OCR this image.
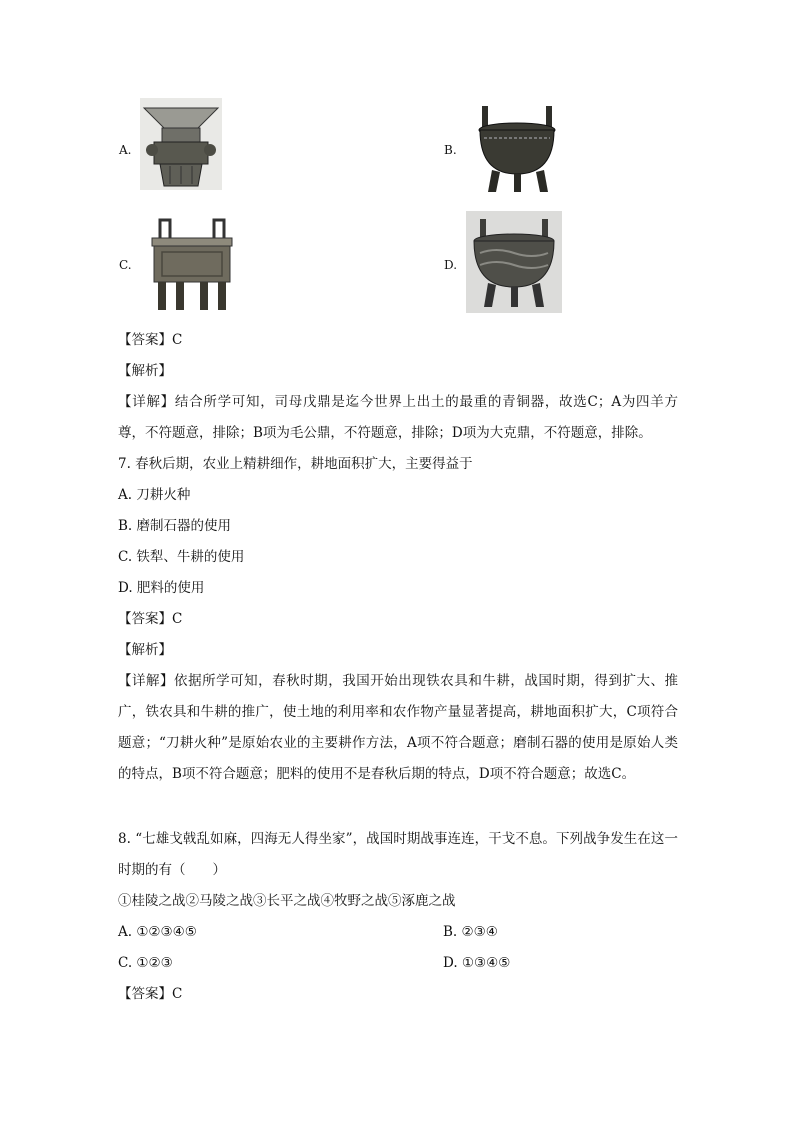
A.	B.
C.	D.
【答案】C
【解析】
【详解】结合所学可知，司母戊鼎是迄今世界上出土的最重的青铜器，故选C；A为四羊方尊，不符题意，排除；B项为毛公鼎，不符题意，排除；D项为大克鼎，不符题意，排除。
7. 春秋后期，农业上精耕细作，耕地面积扩大，主要得益于
A. 刀耕火种
B. 磨制石器的使用
C. 铁犁、牛耕的使用
D. 肥料的使用
【答案】C
【解析】
【详解】依据所学可知，春秋时期，我国开始出现铁农具和牛耕，战国时期，得到扩大、推广，铁农具和牛耕的推广，使土地的利用率和农作物产量显著提高，耕地面积扩大，C项符合题意；“刀耕火种”是原始农业的主要耕作方法，A项不符合题意；磨制石器的使用是原始人类的特点，B项不符合题意；肥料的使用不是春秋后期的特点，D项不符合题意；故选C。
8. “七雄戈戟乱如麻，四海无人得坐家”，战国时期战事连连，干戈不息。下列战争发生在这一时期的有（　　）
①桂陵之战②马陵之战③长平之战④牧野之战⑤涿鹿之战
A. ①②③④⑤	B. ②③④
C. ①②③	D. ①③④⑤
【答案】C
